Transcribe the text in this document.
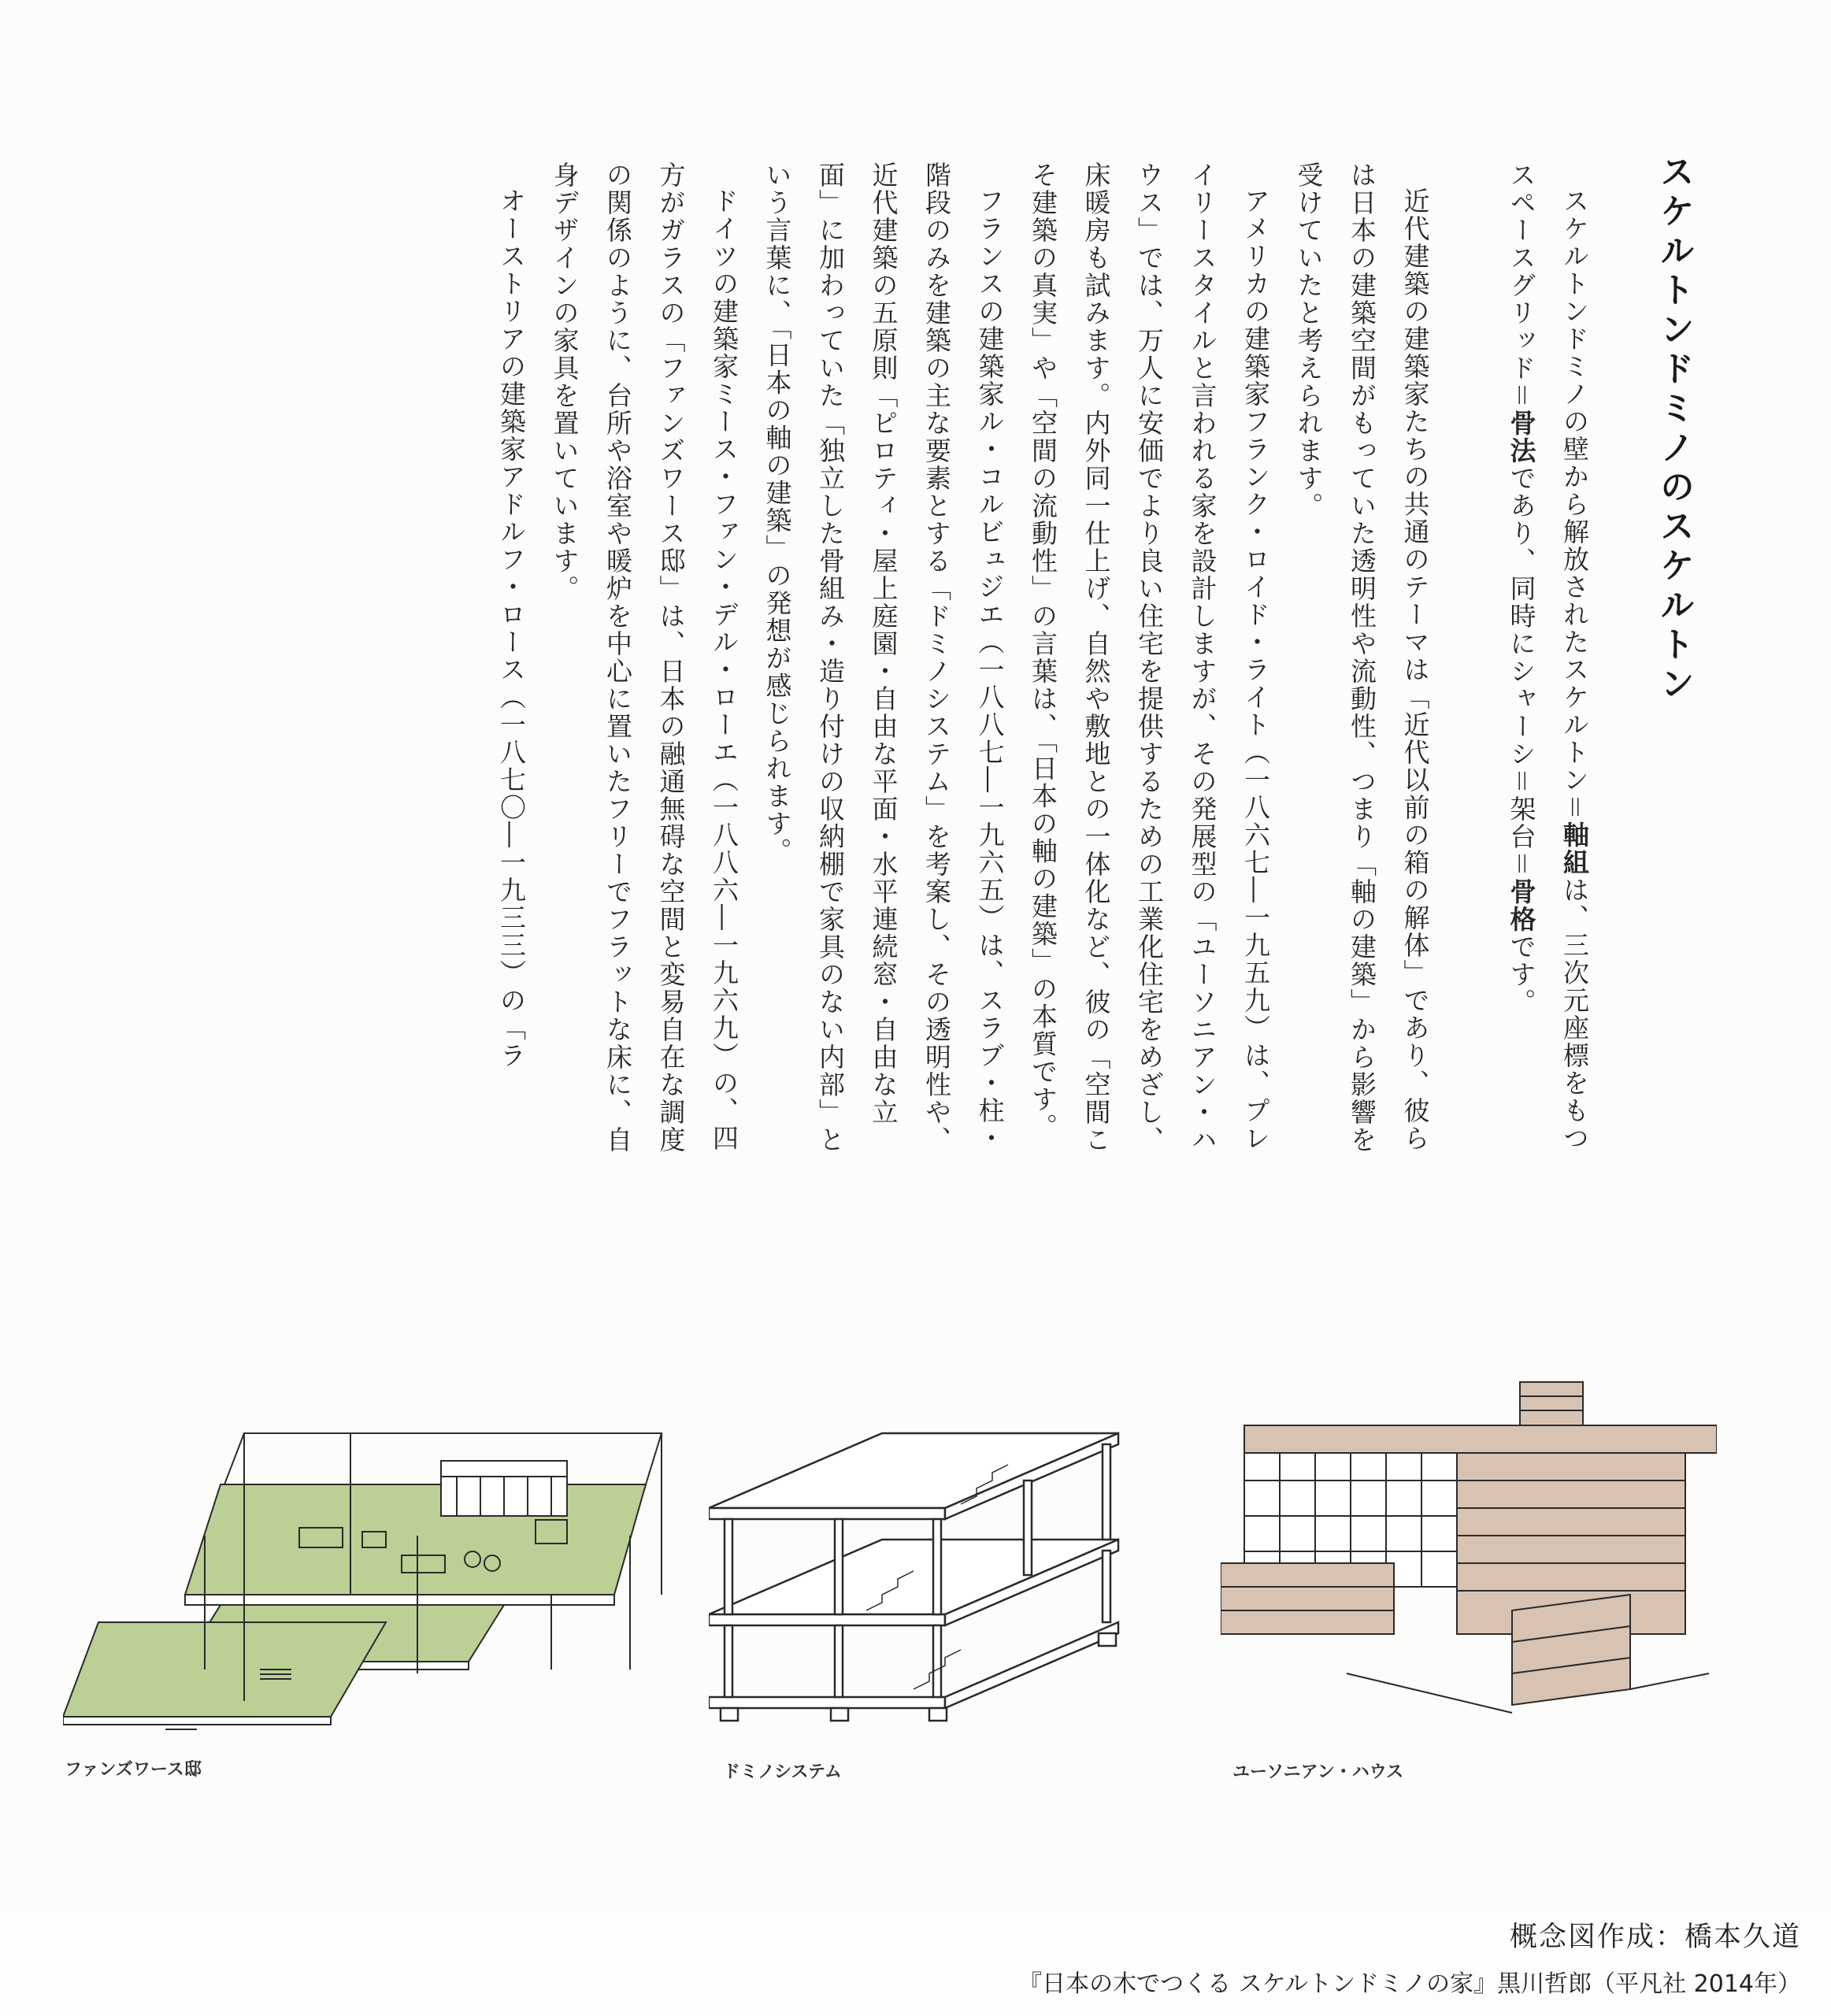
スケルトンドミノのスケルトン

スケルトンドミノの壁から解放されたスケルトン＝軸組は、三次元座標をもつスペースグリッド＝骨法であり、同時にシャーシ＝架台＝骨格です。

近代建築の建築家たちの共通のテーマは「近代以前の箱の解体」であり、彼らは日本の建築空間がもっていた透明性や流動性、つまり「軸の建築」から影響を受けていたと考えられます。

アメリカの建築家フランク・ロイド・ライト（一八六七―一九五九）は、プレイリースタイルと言われる家を設計しますが、その発展型の「ユーソニアン・ハウス」では、万人に安価でより良い住宅を提供するための工業化住宅をめざし、床暖房も試みます。内外同一仕上げ、自然や敷地との一体化など、彼の「空間こそ建築の真実」や「空間の流動性」の言葉は、「日本の軸の建築」の本質です。

フランスの建築家ル・コルビュジエ（一八八七―一九六五）は、スラブ・柱・階段のみを建築の主な要素とする「ドミノシステム」を考案し、その透明性や、近代建築の五原則「ピロティ・屋上庭園・自由な平面・水平連続窓・自由な立面」に加わっていた「独立した骨組み・造り付けの収納棚で家具のない内部」という言葉に、「日本の軸の建築」の発想が感じられます。

ドイツの建築家ミース・ファン・デル・ローエ（一八八六―一九六九）の、四方がガラスの「ファンズワース邸」は、日本の融通無碍な空間と変易自在な調度の関係のように、台所や浴室や暖炉を中心に置いたフリーでフラットな床に、自身デザインの家具を置いています。

オーストリアの建築家アドルフ・ロース（一八七〇―一九三三）の「ラ

ファンズワース邸	ドミノシステム	ユーソニアン・ハウス
概念図作成：橋本久道
『日本の木でつくる スケルトンドミノの家』黒川哲郎（平凡社 2014年）
